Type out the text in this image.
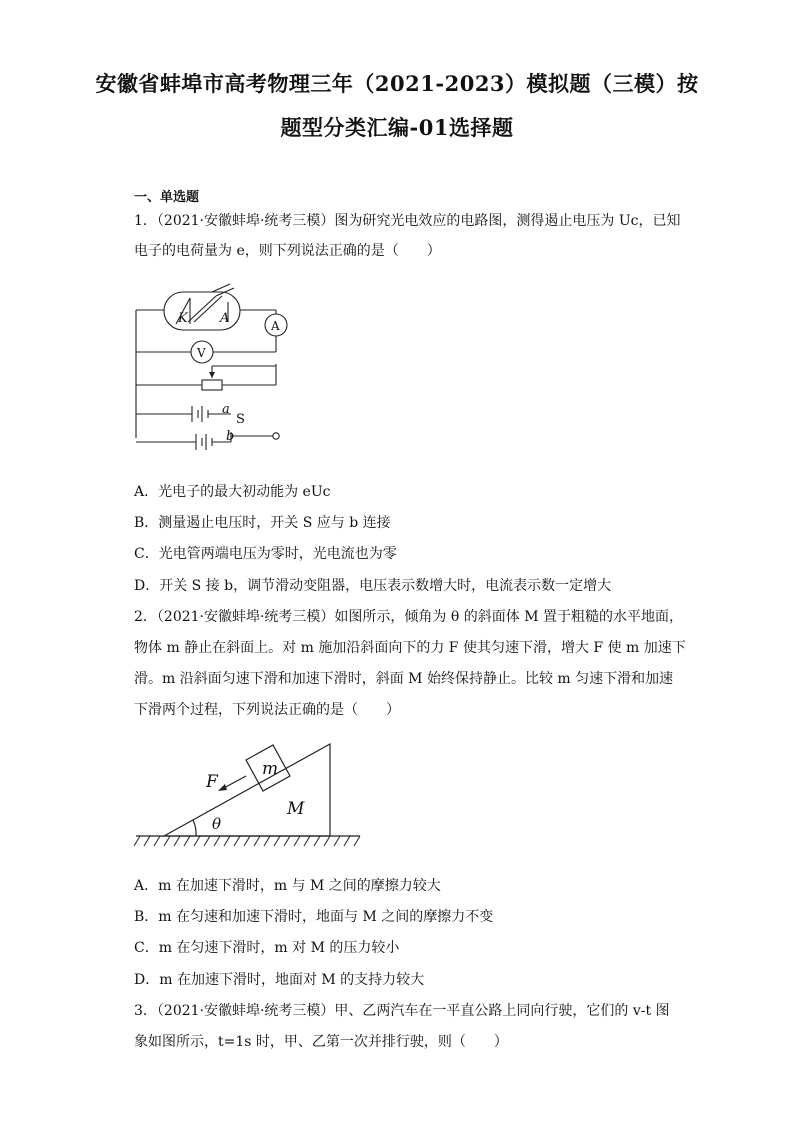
安徽省蚌埠市高考物理三年（2021-2023）模拟题（三模）按
题型分类汇编-01选择题
一、单选题
1．（2021·安徽蚌埠·统考三模）图为研究光电效应的电路图，测得遏止电压为 Uc，已知
电子的电荷量为 e，则下列说法正确的是（　　）
K A	A
V
a
S
b
A．光电子的最大初动能为 eUc
B．测量遏止电压时，开关 S 应与 b 连接
C．光电管两端电压为零时，光电流也为零
D．开关 S 接 b，调节滑动变阻器，电压表示数增大时，电流表示数一定增大
2．（2021·安徽蚌埠·统考三模）如图所示，倾角为 θ 的斜面体 M 置于粗糙的水平地面，
物体 m 静止在斜面上。对 m 施加沿斜面向下的力 F 使其匀速下滑，增大 F 使 m 加速下
滑。m 沿斜面匀速下滑和加速下滑时，斜面 M 始终保持静止。比较 m 匀速下滑和加速
下滑两个过程，下列说法正确的是（　　）
m
M
F
θ
A．m 在加速下滑时，m 与 M 之间的摩擦力较大
B．m 在匀速和加速下滑时，地面与 M 之间的摩擦力不变
C．m 在匀速下滑时，m 对 M 的压力较小
D．m 在加速下滑时，地面对 M 的支持力较大
3．（2021·安徽蚌埠·统考三模）甲、乙两汽车在一平直公路上同向行驶，它们的 v-t 图
象如图所示，t=1s 时，甲、乙第一次并排行驶，则（　　）
